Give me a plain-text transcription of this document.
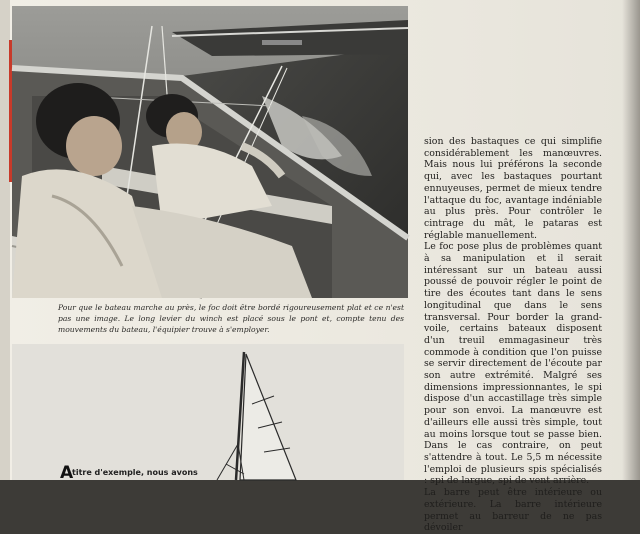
Pour que le bateau marche au près, le foc doit être bordé rigoureusement plat et ce n'est pas une image. Le long levier du winch est placé sous le pont et, compte tenu des mouvements du bateau, l'équipier trouve à s'employer.

A
titre d'exemple, nous avons

sion des bastaques ce qui simplifie considérablement les manœuvres. Mais nous lui préférons la seconde qui, avec les bastaques pourtant ennuyeuses, permet de mieux tendre l'attaque du foc, avantage indéniable au plus près. Pour contrôler le cintrage du mât, le pataras est réglable manuellement.

Le foc pose plus de problèmes quant à sa manipulation et il serait intéressant sur un bateau aussi poussé de pouvoir régler le point de tire des écoutes tant dans le sens longitudinal que dans le sens transversal. Pour border la grand-voile, certains bateaux disposent d'un treuil emmagasineur très commode à condition que l'on puisse se servir directement de l'écoute par son autre extrémité. Malgré ses dimensions impressionnantes, le spi dispose d'un accastillage très simple pour son envoi. La manœuvre est d'ailleurs elle aussi très simple, tout au moins lorsque tout se passe bien. Dans le cas contraire, on peut s'attendre à tout. Le 5,5 m nécessite l'emploi de plusieurs spis spécialisés : spi de largue, spi de vent arrière.

La barre peut être intérieure ou extérieure. La barre intérieure permet au barreur de ne pas dévoiler
